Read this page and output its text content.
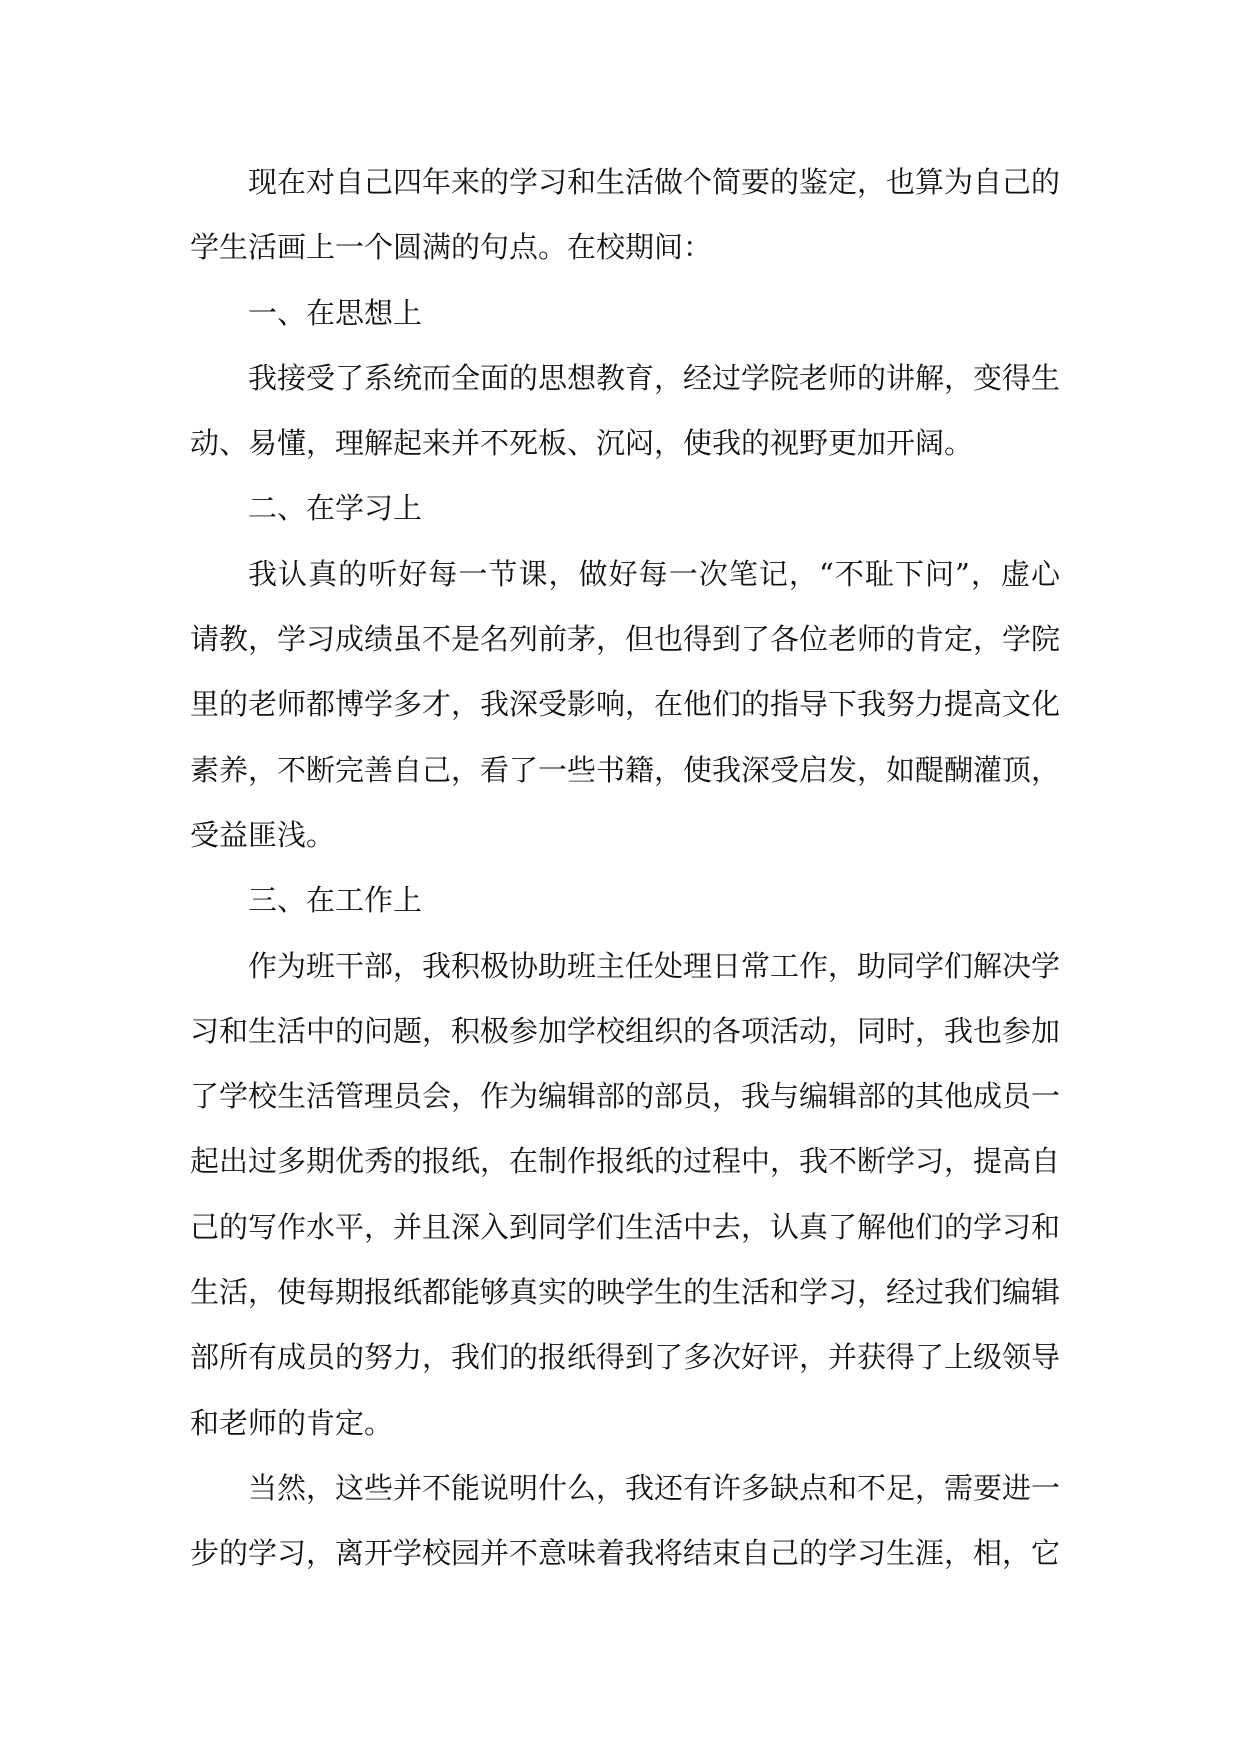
现在对自己四年来的学习和生活做个简要的鉴定，也算为自己的学生活画上一个圆满的句点。在校期间：

一、在思想上

我接受了系统而全面的思想教育，经过学院老师的讲解，变得生动、易懂，理解起来并不死板、沉闷，使我的视野更加开阔。

二、在学习上

我认真的听好每一节课，做好每一次笔记，“不耻下问”，虚心请教，学习成绩虽不是名列前茅，但也得到了各位老师的肯定，学院里的老师都博学多才，我深受影响，在他们的指导下我努力提高文化素养，不断完善自己，看了一些书籍，使我深受启发，如醍醐灌顶，受益匪浅。

三、在工作上

作为班干部，我积极协助班主任处理日常工作，助同学们解决学习和生活中的问题，积极参加学校组织的各项活动，同时，我也参加了学校生活管理员会，作为编辑部的部员，我与编辑部的其他成员一起出过多期优秀的报纸，在制作报纸的过程中，我不断学习，提高自己的写作水平，并且深入到同学们生活中去，认真了解他们的学习和生活，使每期报纸都能够真实的映学生的生活和学习，经过我们编辑部所有成员的努力，我们的报纸得到了多次好评，并获得了上级领导和老师的肯定。

当然，这些并不能说明什么，我还有许多缺点和不足，需要进一步的学习，离开学校园并不意味着我将结束自己的学习生涯，相，它
